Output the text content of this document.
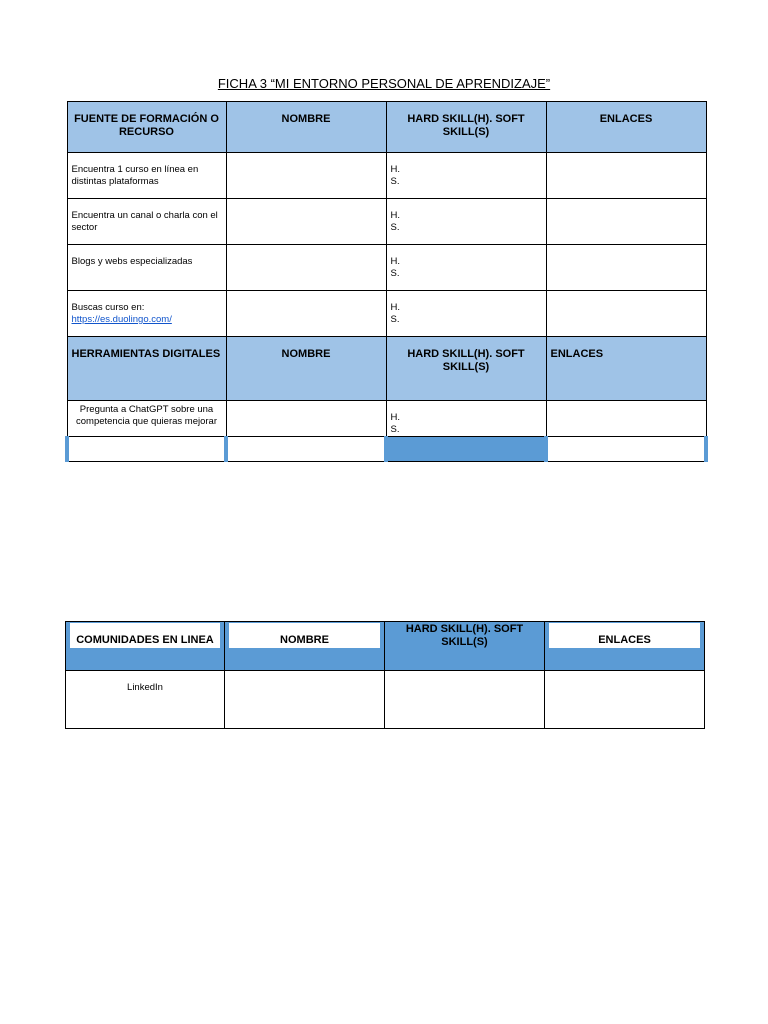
FICHA 3 “MI ENTORNO PERSONAL DE APRENDIZAJE”
FUENTE DE FORMACIÓN O RECURSO	NOMBRE	HARD SKILL(H). SOFT SKILL(S)	ENLACES
Encuentra 1 curso en línea en distintas plataformas		H.
S.	
Encuentra un canal o charla con el sector		H.
S.	
Blogs y webs especializadas		H.
S.	
Buscas curso en:
https://es.duolingo.com/		H.
S.	
HERRAMIENTAS DIGITALES	NOMBRE	HARD SKILL(H). SOFT SKILL(S)	ENLACES
Pregunta a ChatGPT sobre una competencia que quieras mejorar		H.
S.	

COMUNIDADES EN LINEA	NOMBRE	HARD SKILL(H). SOFT SKILL(S)	ENLACES

LinkedIn			
